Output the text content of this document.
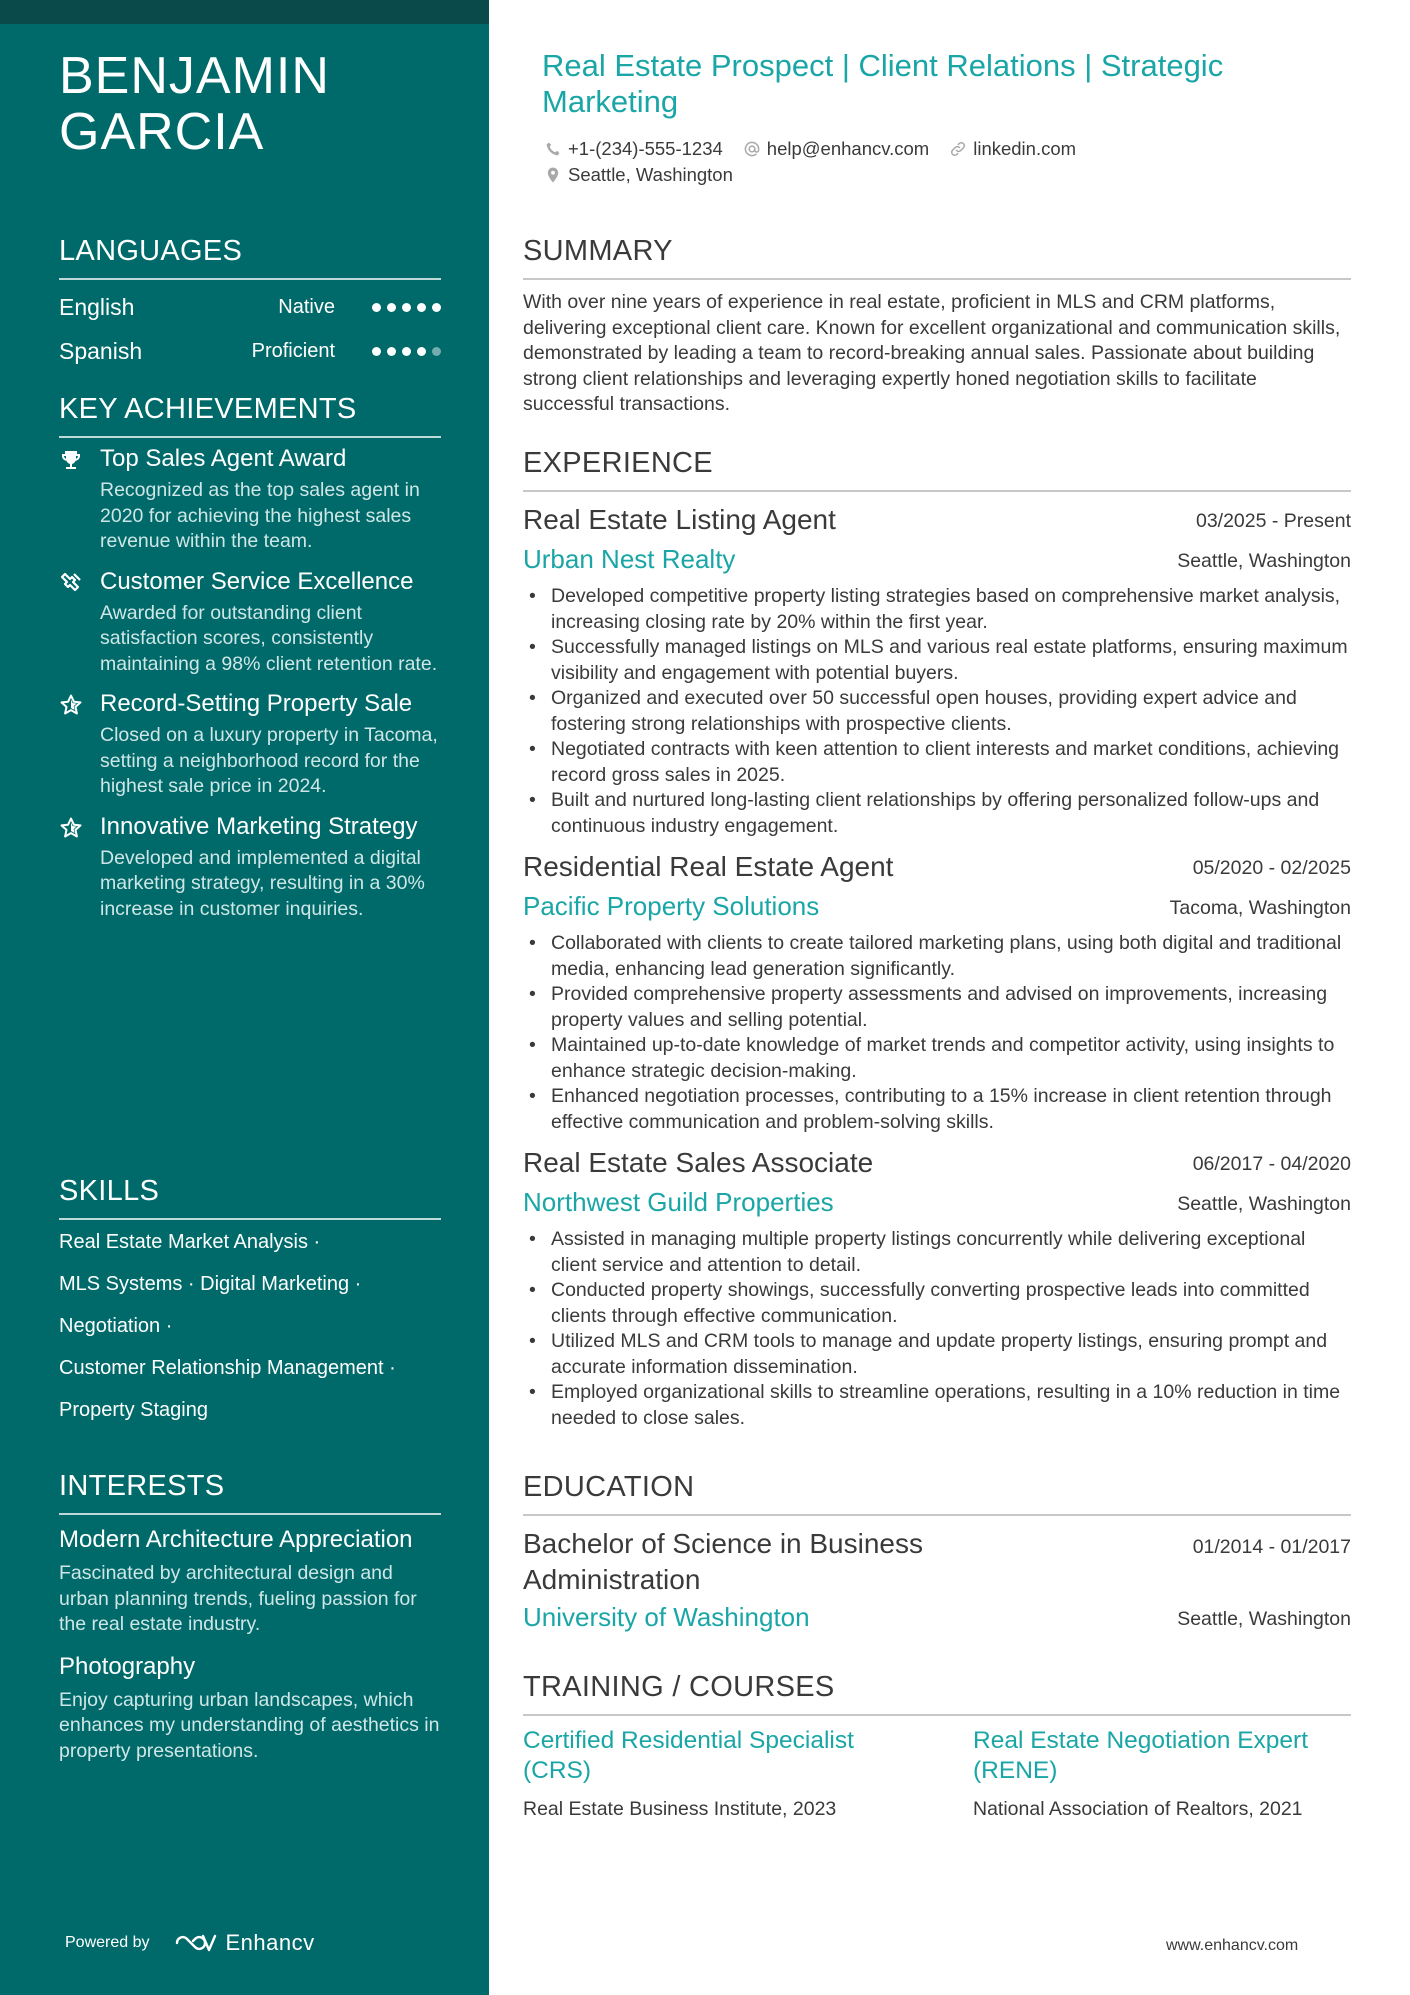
BENJAMIN GARCIA
LANGUAGES
English	Native
Spanish	Proficient
KEY ACHIEVEMENTS
Top Sales Agent Award
Recognized as the top sales agent in 2020 for achieving the highest sales revenue within the team.
Customer Service Excellence
Awarded for outstanding client satisfaction scores, consistently maintaining a 98% client retention rate.
Record-Setting Property Sale
Closed on a luxury property in Tacoma, setting a neighborhood record for the highest sale price in 2024.
Innovative Marketing Strategy
Developed and implemented a digital marketing strategy, resulting in a 30% increase in customer inquiries.
SKILLS
Real Estate Market Analysis ·
MLS Systems · Digital Marketing ·
Negotiation ·
Customer Relationship Management ·
Property Staging
INTERESTS
Modern Architecture Appreciation
Fascinated by architectural design and urban planning trends, fueling passion for the real estate industry.
Photography
Enjoy capturing urban landscapes, which enhances my understanding of aesthetics in property presentations.
Powered by	Enhancv
Real Estate Prospect | Client Relations | Strategic Marketing
+1-(234)-555-1234 help@enhancv.com linkedin.com
Seattle, Washington
SUMMARY
With over nine years of experience in real estate, proficient in MLS and CRM platforms, delivering exceptional client care. Known for excellent organizational and communication skills, demonstrated by leading a team to record-breaking annual sales. Passionate about building strong client relationships and leveraging expertly honed negotiation skills to facilitate successful transactions.
EXPERIENCE
Real Estate Listing Agent	03/2025 - Present
Urban Nest Realty	Seattle, Washington
• Developed competitive property listing strategies based on comprehensive market analysis, increasing closing rate by 20% within the first year.
• Successfully managed listings on MLS and various real estate platforms, ensuring maximum visibility and engagement with potential buyers.
• Organized and executed over 50 successful open houses, providing expert advice and fostering strong relationships with prospective clients.
• Negotiated contracts with keen attention to client interests and market conditions, achieving record gross sales in 2025.
• Built and nurtured long-lasting client relationships by offering personalized follow-ups and continuous industry engagement.
Residential Real Estate Agent	05/2020 - 02/2025
Pacific Property Solutions	Tacoma, Washington
• Collaborated with clients to create tailored marketing plans, using both digital and traditional media, enhancing lead generation significantly.
• Provided comprehensive property assessments and advised on improvements, increasing property values and selling potential.
• Maintained up-to-date knowledge of market trends and competitor activity, using insights to enhance strategic decision-making.
• Enhanced negotiation processes, contributing to a 15% increase in client retention through effective communication and problem-solving skills.
Real Estate Sales Associate	06/2017 - 04/2020
Northwest Guild Properties	Seattle, Washington
• Assisted in managing multiple property listings concurrently while delivering exceptional client service and attention to detail.
• Conducted property showings, successfully converting prospective leads into committed clients through effective communication.
• Utilized MLS and CRM tools to manage and update property listings, ensuring prompt and accurate information dissemination.
• Employed organizational skills to streamline operations, resulting in a 10% reduction in time needed to close sales.
EDUCATION
Bachelor of Science in Business Administration
01/2014 - 01/2017
University of Washington	Seattle, Washington
TRAINING / COURSES
Certified Residential Specialist (CRS)
Real Estate Business Institute, 2023
Real Estate Negotiation Expert (RENE)
National Association of Realtors, 2021
www.enhancv.com
